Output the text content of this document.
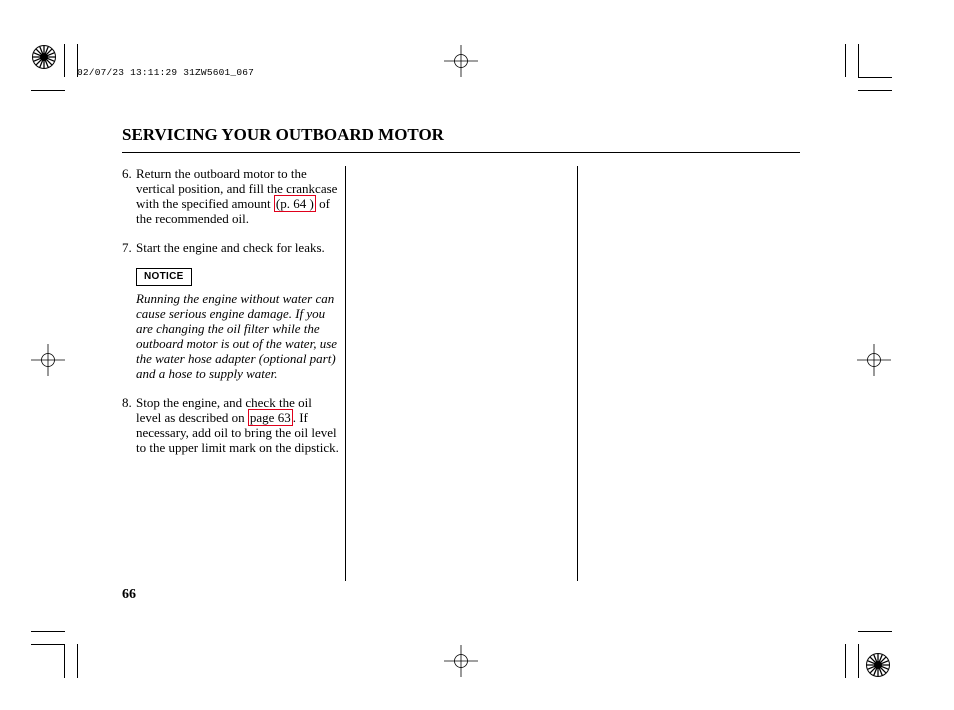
02/07/23 13:11:29 31ZW5601_067
SERVICING YOUR OUTBOARD MOTOR
6. Return the outboard motor to the vertical position, and fill the crankcase with the specified amount (p. 64 ) of the recommended oil.
7. Start the engine and check for leaks.
NOTICE
Running the engine without water can cause serious engine damage. If you are changing the oil filter while the outboard motor is out of the water, use the water hose adapter (optional part) and a hose to supply water.
8. Stop the engine, and check the oil level as described on page 63 . If necessary, add oil to bring the oil level to the upper limit mark on the dipstick.
66
